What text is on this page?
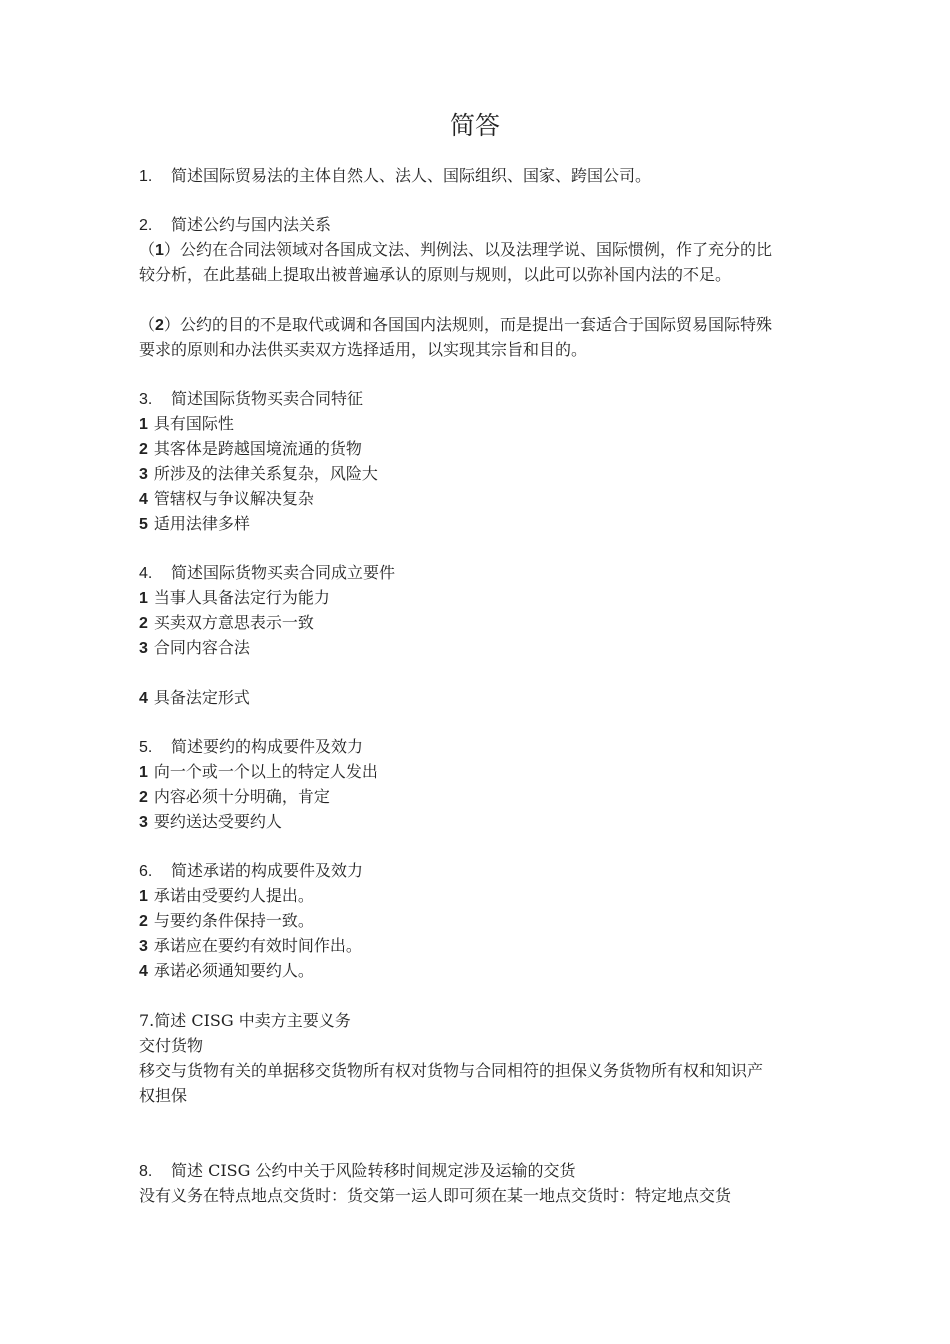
简答
1. 简述国际贸易法的主体自然人、法人、国际组织、国家、跨国公司。
2. 简述公约与国内法关系
（1）公约在合同法领域对各国成文法、判例法、以及法理学说、国际惯例，作了充分的比
较分析，在此基础上提取出被普遍承认的原则与规则，以此可以弥补国内法的不足。
（2）公约的目的不是取代或调和各国国内法规则，而是提出一套适合于国际贸易国际特殊
要求的原则和办法供买卖双方选择适用，以实现其宗旨和目的。
3. 简述国际货物买卖合同特征
1 具有国际性
2 其客体是跨越国境流通的货物
3 所涉及的法律关系复杂，风险大
4 管辖权与争议解决复杂
5 适用法律多样
4. 简述国际货物买卖合同成立要件
1 当事人具备法定行为能力
2 买卖双方意思表示一致
3 合同内容合法
4 具备法定形式
5. 简述要约的构成要件及效力
1 向一个或一个以上的特定人发出
2 内容必须十分明确，肯定
3 要约送达受要约人
6. 简述承诺的构成要件及效力
1 承诺由受要约人提出。
2 与要约条件保持一致。
3 承诺应在要约有效时间作出。
4 承诺必须通知要约人。
7.简述 CISG 中卖方主要义务
交付货物
移交与货物有关的单据移交货物所有权对货物与合同相符的担保义务货物所有权和知识产
权担保
8. 简述 CISG 公约中关于风险转移时间规定涉及运输的交货
没有义务在特点地点交货时：货交第一运人即可须在某一地点交货时：特定地点交货
